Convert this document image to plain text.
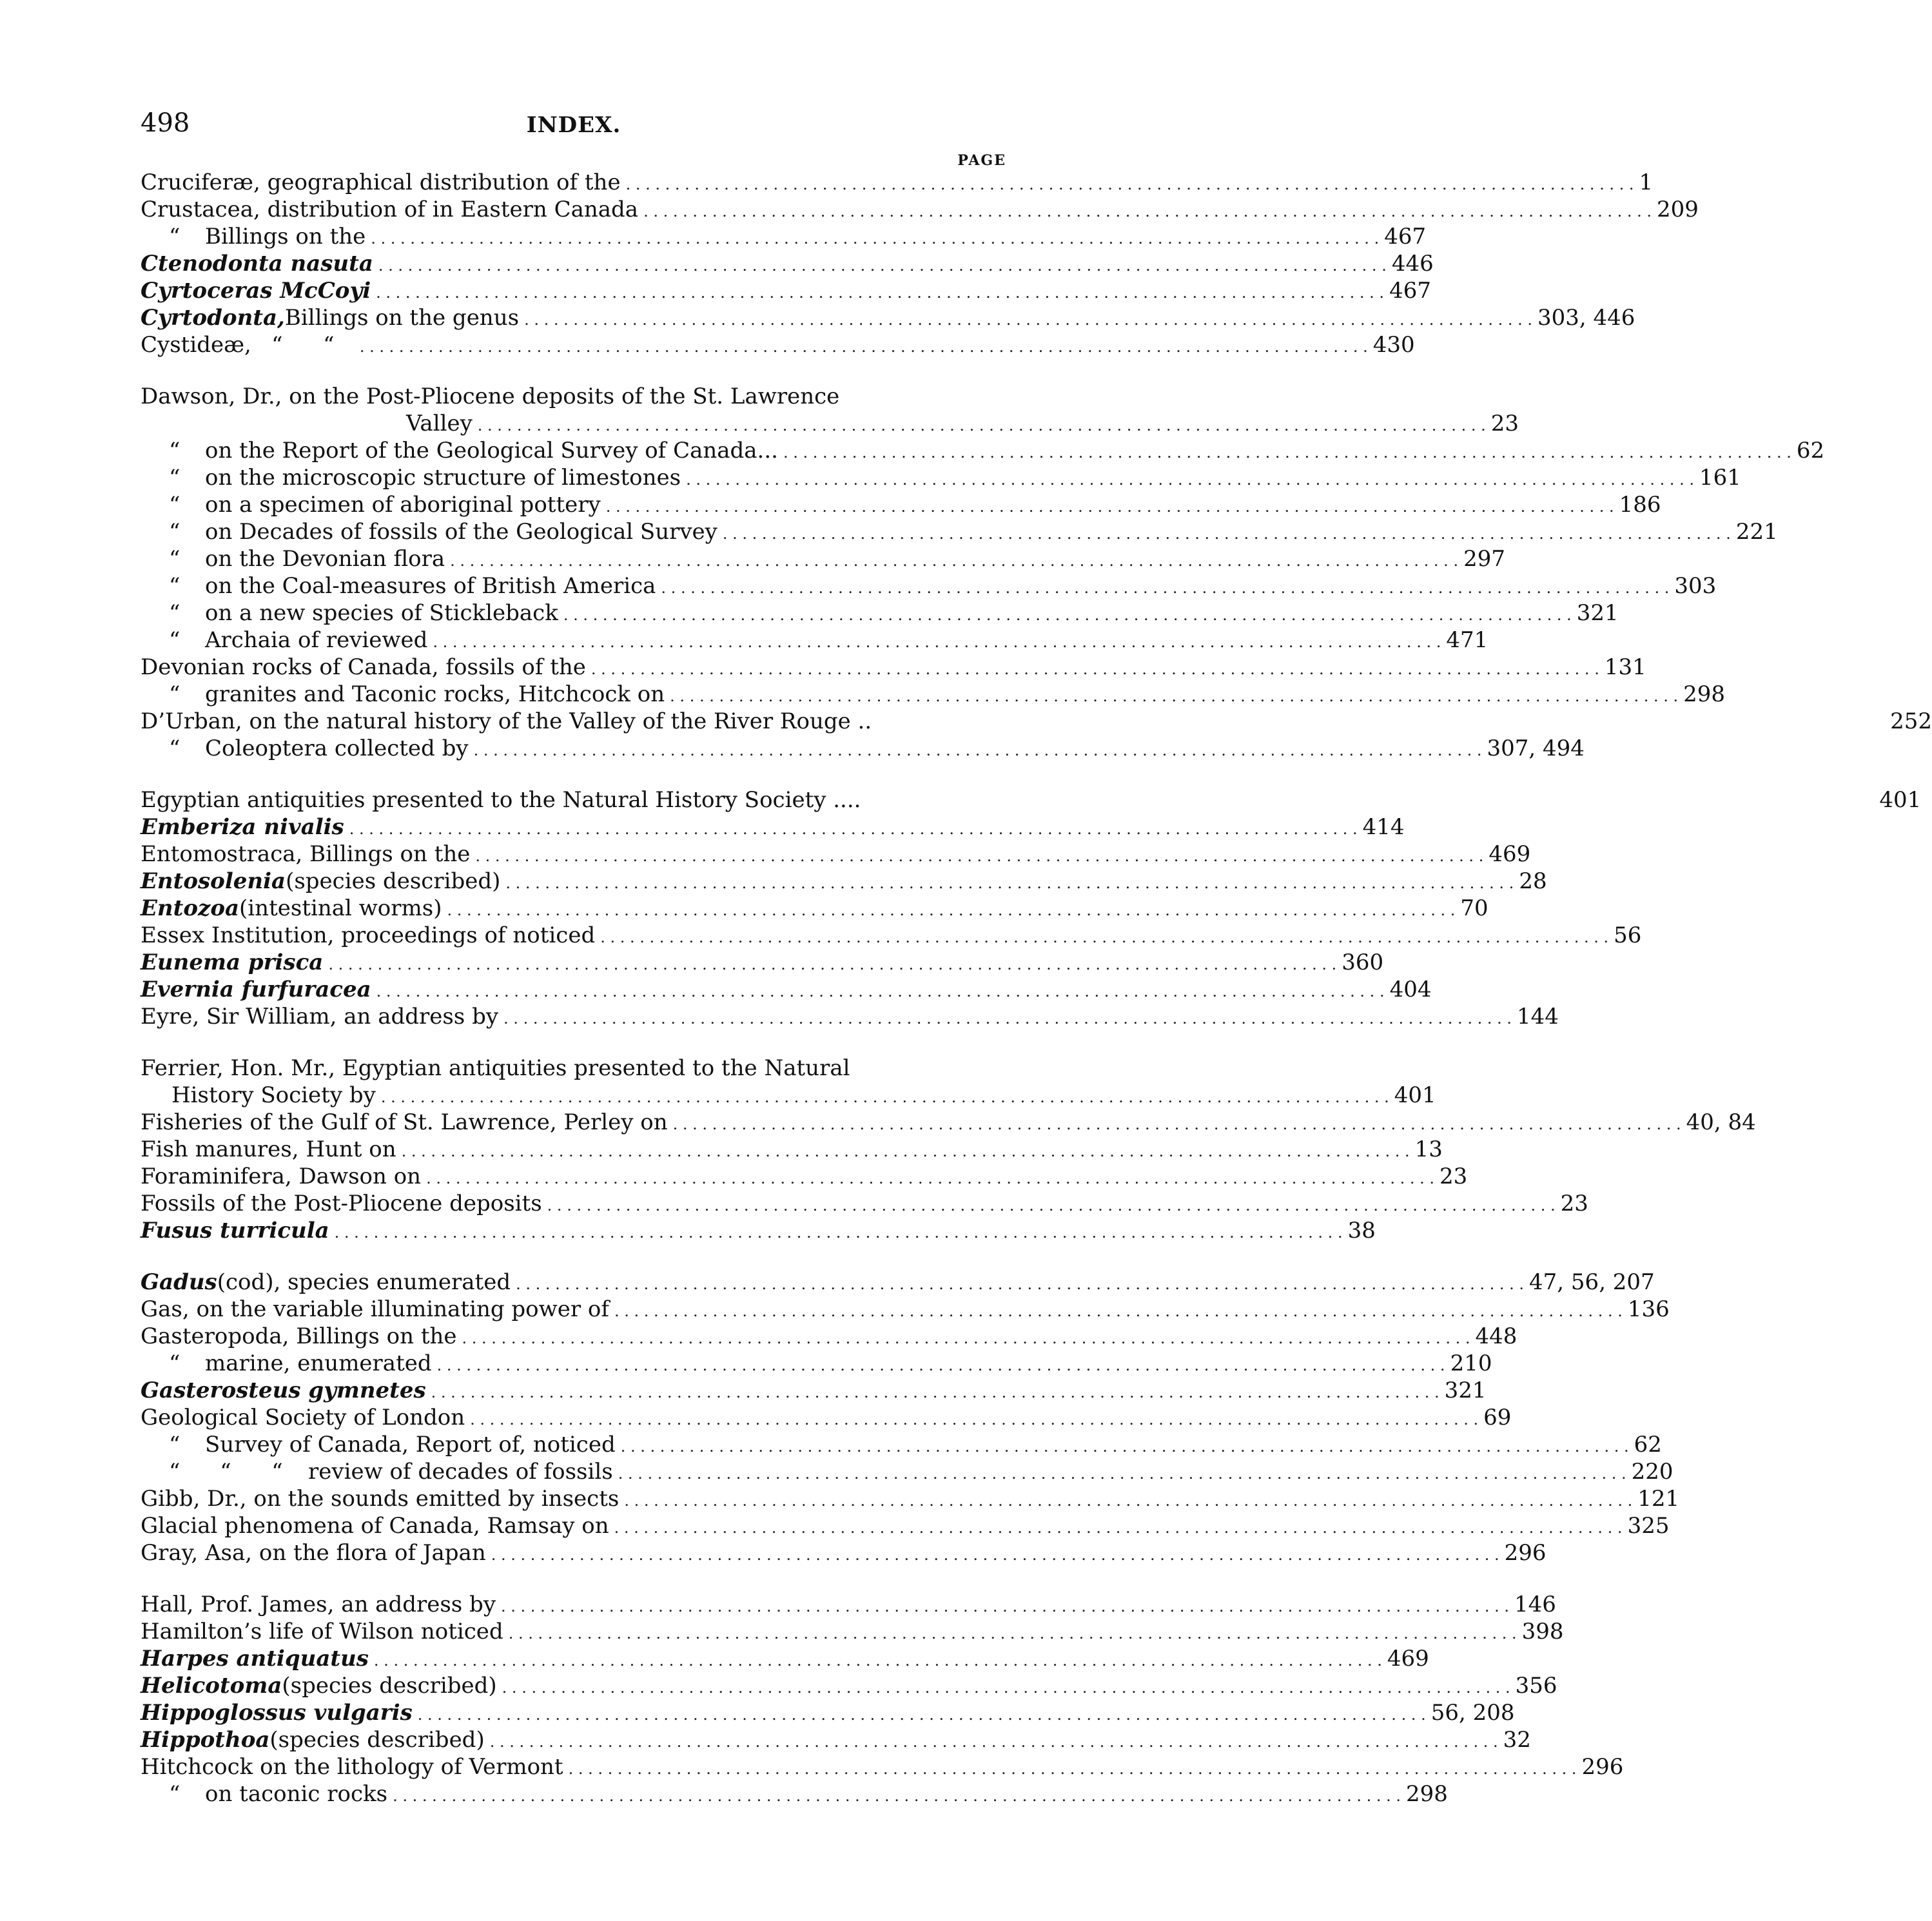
498	INDEX.
PAGE
Cruciferæ, geographical distribution of the . . .	1
Crustacea, distribution of in Eastern Canada . . .	209
“	Billings on the . . .	467
Ctenodonta nasuta . . .	446
Cyrtoceras McCoyi . . .	467
Cyrtodonta, Billings on the genus . . .	303, 446
Cystideæ, “	“ . . .	430
Dawson, Dr., on the Post-Pliocene deposits of the St. Lawrence
Valley . . .	23
“	on the Report of the Geological Survey of Canada... . . .	62
“	on the microscopic structure of limestones . . .	161
“	on a specimen of aboriginal pottery . . .	186
“	on Decades of fossils of the Geological Survey . . .	221
“	on the Devonian flora . . .	297
“	on the Coal-measures of British America . . .	303
“	on a new species of Stickleback . . .	321
“	Archaia of reviewed . . .	471
Devonian rocks of Canada, fossils of the . . .	131
“	granites and Taconic rocks, Hitchcock on . . .	298
D’Urban, on the natural history of the Valley of the River Rouge ..	252
“	Coleoptera collected by . . .	307, 494
Egyptian antiquities presented to the Natural History Society ....	401
Emberiza nivalis . . .	414
Entomostraca, Billings on the . . .	469
Entosolenia (species described) . . .	28
Entozoa (intestinal worms) . . .	70
Essex Institution, proceedings of noticed . . .	56
Eunema prisca . . .	360
Evernia furfuracea . . .	404
Eyre, Sir William, an address by . . .	144
Ferrier, Hon. Mr., Egyptian antiquities presented to the Natural
History Society by . . .	401
Fisheries of the Gulf of St. Lawrence, Perley on . . .	40, 84
Fish manures, Hunt on . . .	13
Foraminifera, Dawson on . . .	23
Fossils of the Post-Pliocene deposits . . .	23
Fusus turricula . . .	38
Gadus (cod), species enumerated . . .	47, 56, 207
Gas, on the variable illuminating power of . . .	136
Gasteropoda, Billings on the . . .	448
“	marine, enumerated . . .	210
Gasterosteus gymnetes . . .	321
Geological Society of London . . .	69
“	Survey of Canada, Report of, noticed . . .	62
“	“	“	review of decades of fossils . . .	220
Gibb, Dr., on the sounds emitted by insects . . .	121
Glacial phenomena of Canada, Ramsay on . . .	325
Gray, Asa, on the flora of Japan . . .	296
Hall, Prof. James, an address by . . .	146
Hamilton’s life of Wilson noticed . . .	398
Harpes antiquatus . . .	469
Helicotoma (species described) . . .	356
Hippoglossus vulgaris . . .	56, 208
Hippothoa (species described) . . .	32
Hitchcock on the lithology of Vermont . . .	296
“	on taconic rocks . . .	298
